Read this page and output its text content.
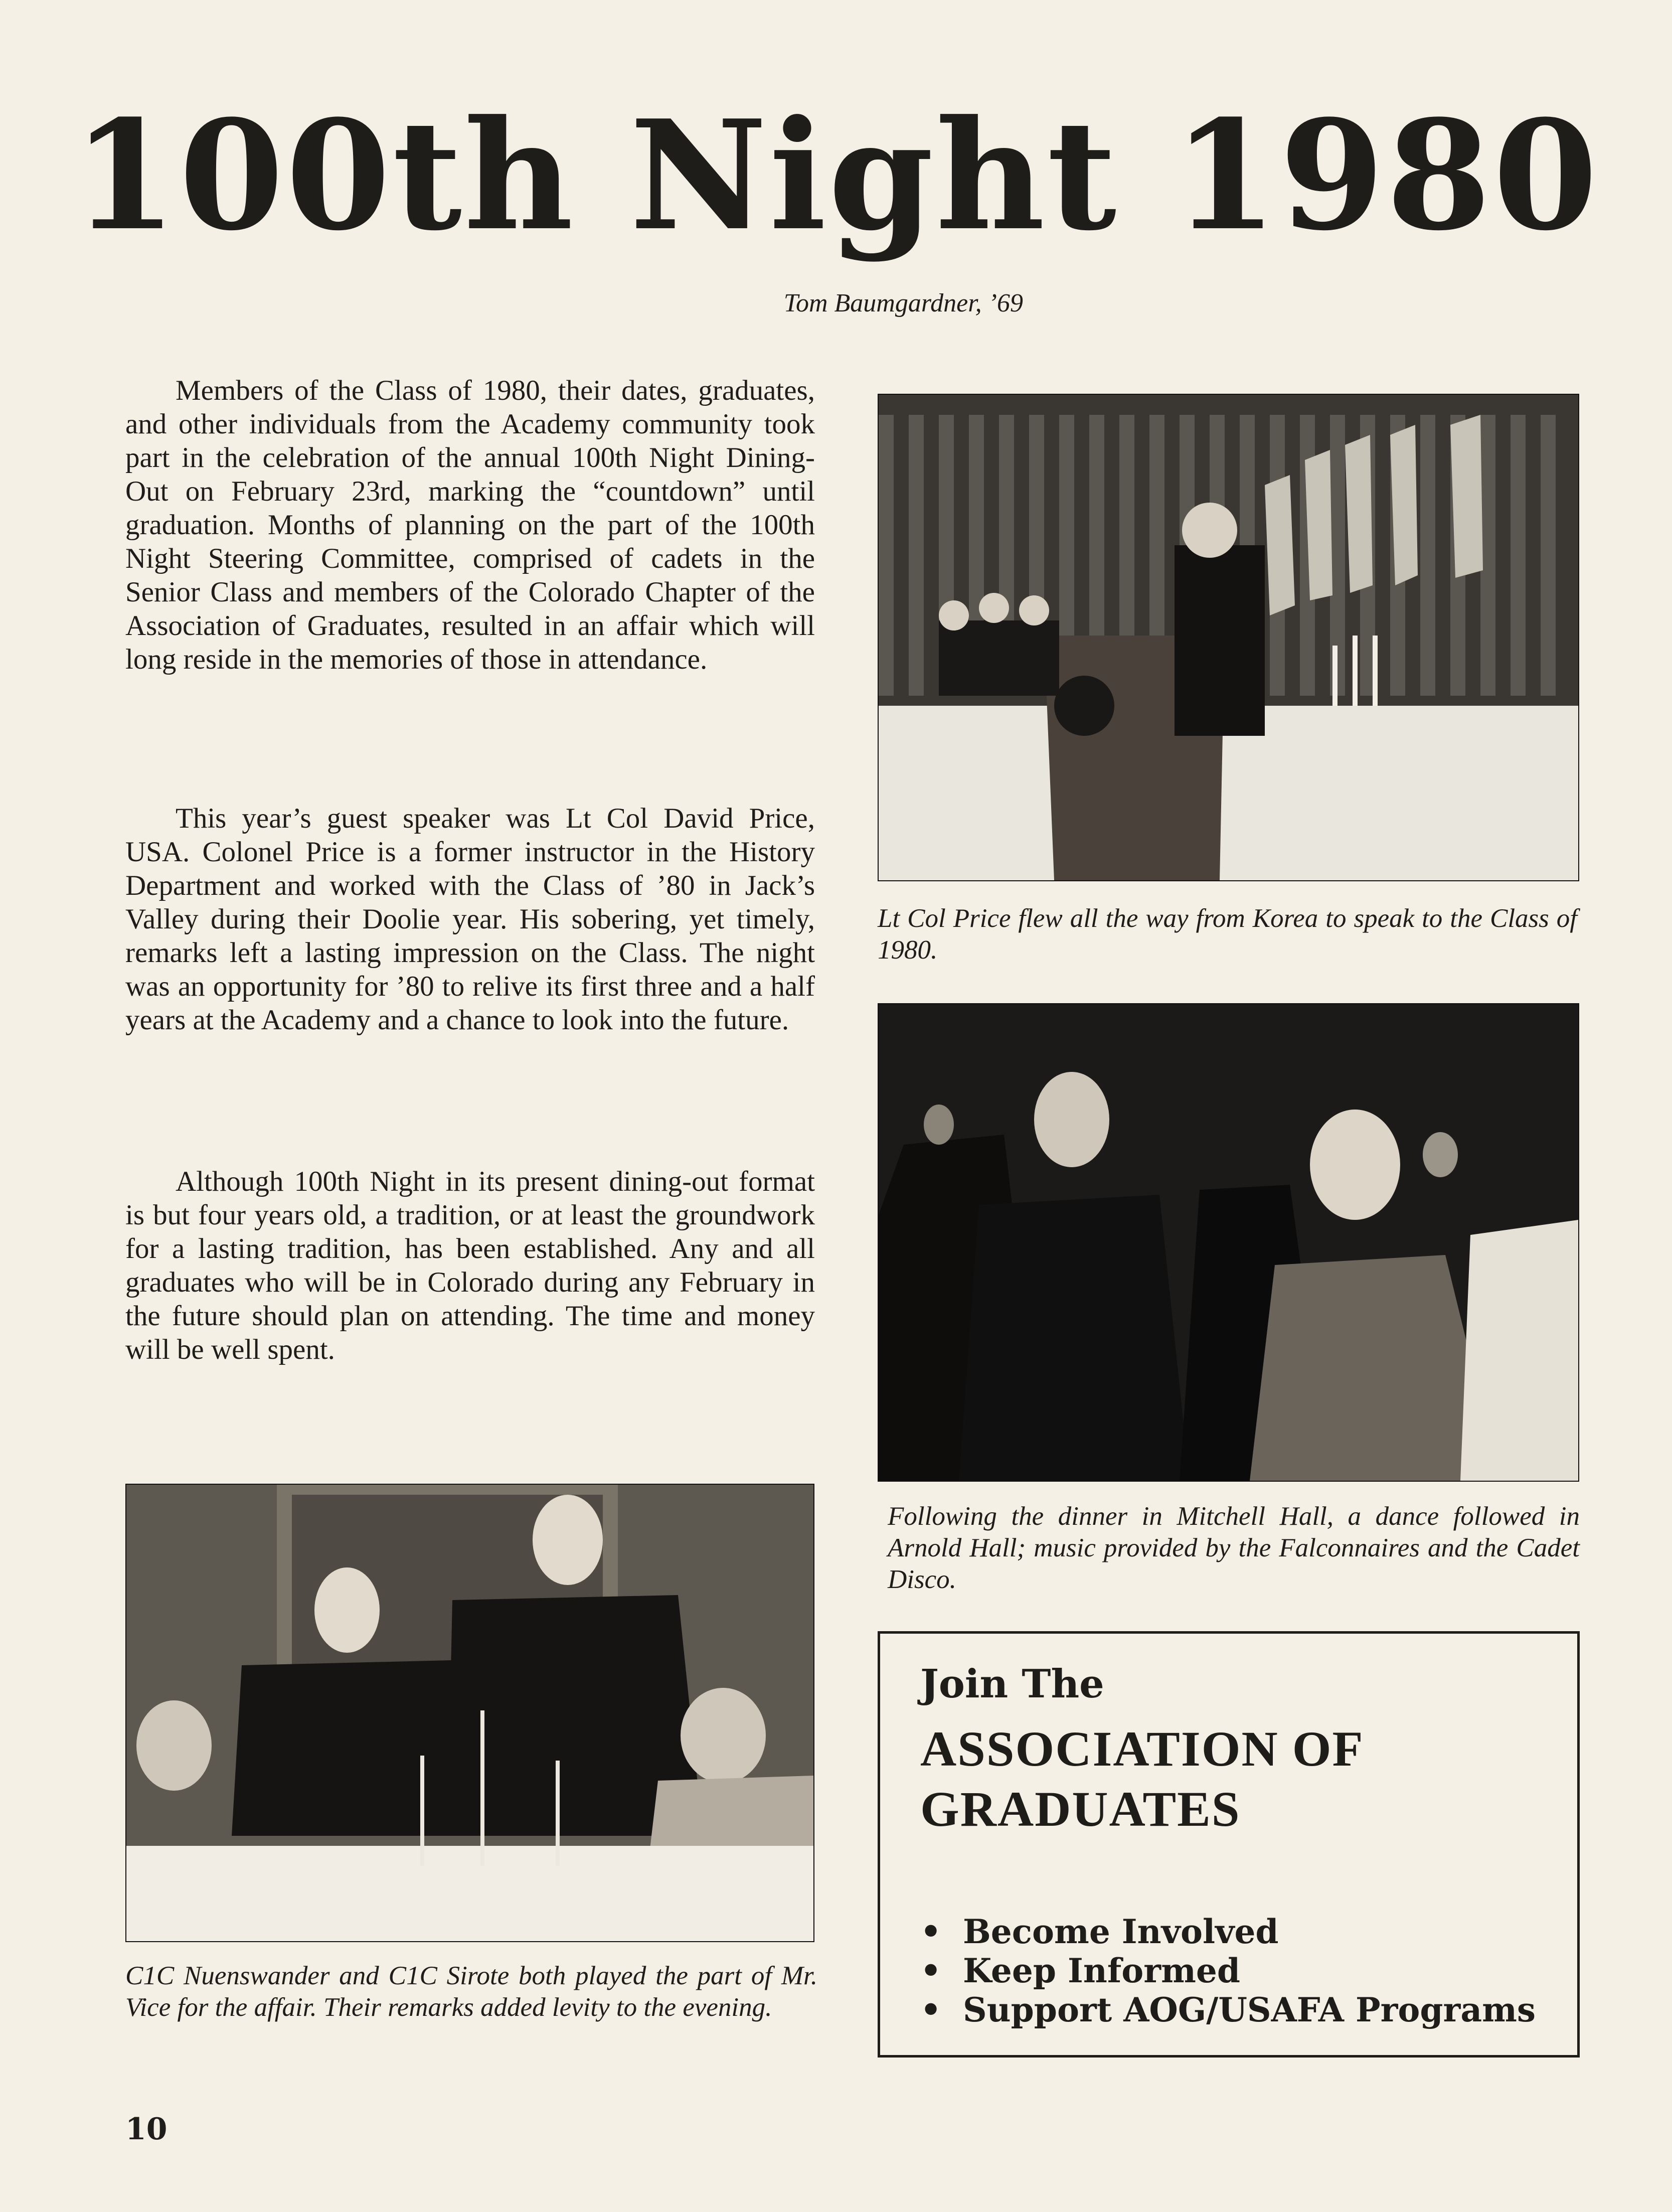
100th Night 1980
Tom Baumgardner, ’69

Members of the Class of 1980, their dates, graduates, and other individuals from the Academy community took part in the celebration of the annual 100th Night Dining-Out on February 23rd, marking the “countdown” until graduation. Months of planning on the part of the 100th Night Steering Committee, comprised of cadets in the Senior Class and members of the Colorado Chapter of the Association of Graduates, resulted in an affair which will long reside in the memories of those in attendance.

This year’s guest speaker was Lt Col David Price, USA. Colonel Price is a former instructor in the History Department and worked with the Class of ’80 in Jack’s Valley during their Doolie year. His sobering, yet timely, remarks left a lasting impression on the Class. The night was an opportunity for ’80 to relive its first three and a half years at the Academy and a chance to look into the future.

Although 100th Night in its present dining-out format is but four years old, a tradition, or at least the groundwork for a lasting tradition, has been established. Any and all graduates who will be in Colorado during any February in the future should plan on attending. The time and money will be well spent.

Lt Col Price flew all the way from Korea to speak to the Class of 1980.
Following the dinner in Mitchell Hall, a dance followed in Arnold Hall; music provided by the Falconnaires and the Cadet Disco.
C1C Nuenswander and C1C Sirote both played the part of Mr. Vice for the affair. Their remarks added levity to the evening.
Join The
ASSOCIATION OF GRADUATES
• Become Involved
• Keep Informed
• Support AOG/USAFA Programs
10
